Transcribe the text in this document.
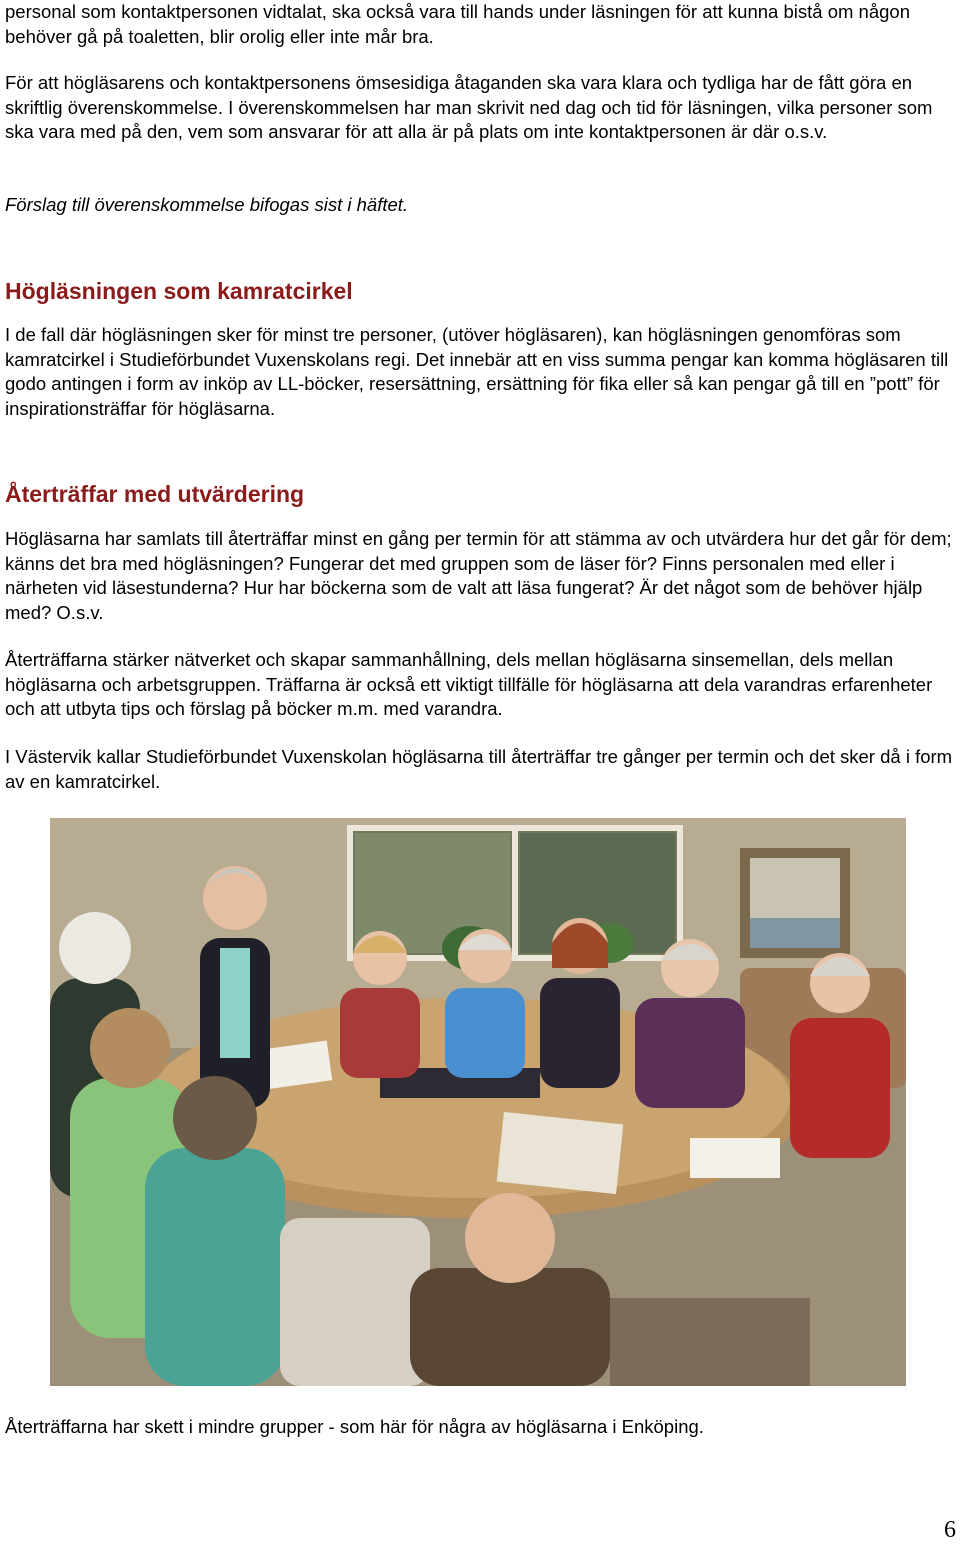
personal som kontaktpersonen vidtalat, ska också vara till hands under läsningen för att kunna bistå om någon behöver gå på toaletten, blir orolig eller inte mår bra.

För att högläsarens och kontaktpersonens ömsesidiga åtaganden ska vara klara och tydliga har de fått göra en skriftlig överenskommelse. I överenskommelsen har man skrivit ned dag och tid för läsningen, vilka personer som ska vara med på den, vem som ansvarar för att alla är på plats om inte kontaktpersonen är där o.s.v.

Förslag till överenskommelse bifogas sist i häftet.

Högläsningen som kamratcirkel

I de fall där högläsningen sker för minst tre personer, (utöver högläsaren), kan högläsningen genomföras som kamratcirkel i Studieförbundet Vuxenskolans regi. Det innebär att en viss summa pengar kan komma högläsaren till godo antingen i form av inköp av LL-böcker, resersättning, ersättning för fika eller så kan pengar gå till en ”pott” för inspirationsträffar för högläsarna.

Återträffar med utvärdering

Högläsarna har samlats till återträffar minst en gång per termin för att stämma av och utvärdera hur det går för dem; känns det bra med högläsningen? Fungerar det med gruppen som de läser för? Finns personalen med eller i närheten vid läsestunderna? Hur har böckerna som de valt att läsa fungerat? Är det något som de behöver hjälp med? O.s.v.

Återträffarna stärker nätverket och skapar sammanhållning, dels mellan högläsarna sinsemellan, dels mellan högläsarna och arbetsgruppen. Träffarna är också ett viktigt tillfälle för högläsarna att dela varandras erfarenheter och att utbyta tips och förslag på böcker m.m. med varandra.

I Västervik kallar Studieförbundet Vuxenskolan högläsarna till återträffar tre gånger per termin och det sker då i form av en kamratcirkel.

Återträffarna har skett i mindre grupper - som här för några av högläsarna i Enköping.

6
